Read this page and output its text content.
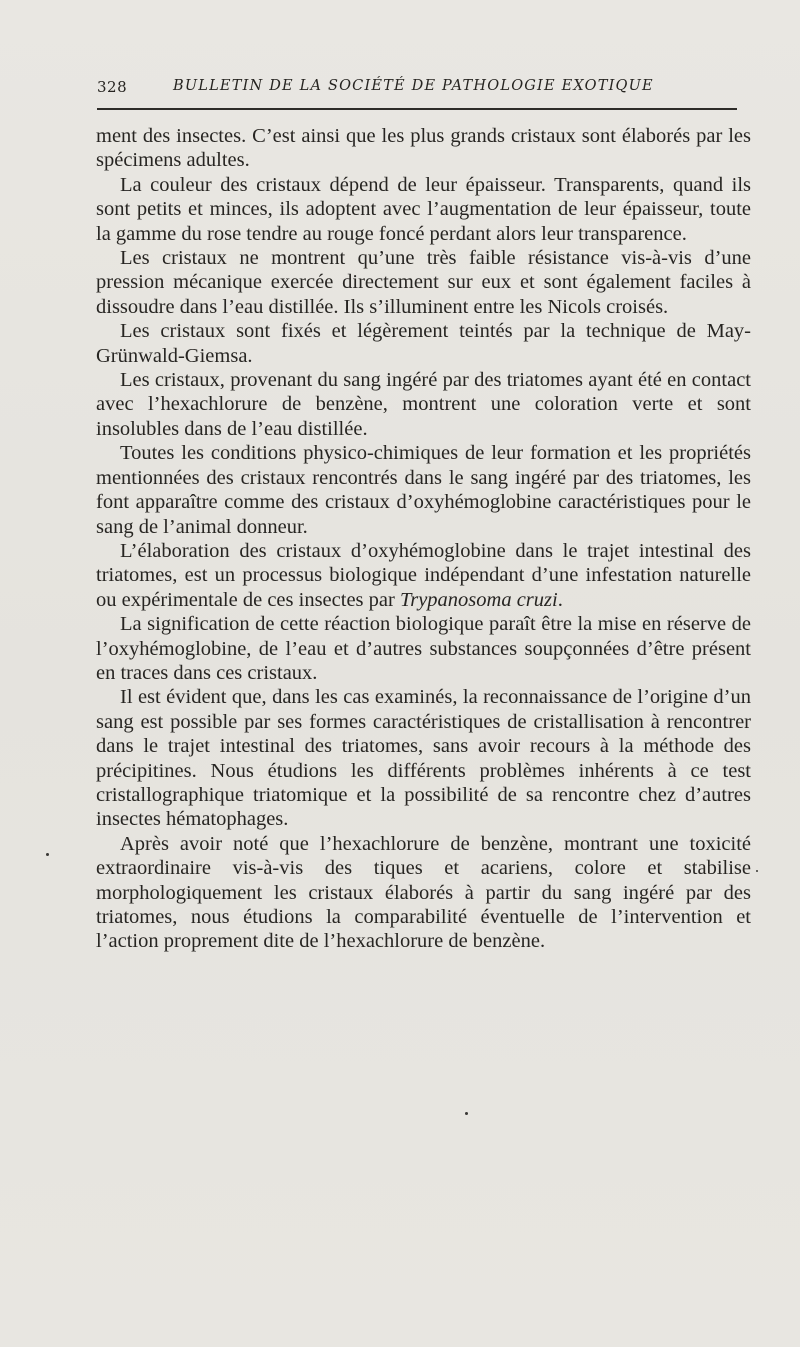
328	BULLETIN DE LA SOCIÉTÉ DE PATHOLOGIE EXOTIQUE

ment des insectes. C’est ainsi que les plus grands cristaux sont élaborés par les spécimens adultes.

La couleur des cristaux dépend de leur épaisseur. Transparents, quand ils sont petits et minces, ils adoptent avec l’augmentation de leur épaisseur, toute la gamme du rose tendre au rouge foncé perdant alors leur transparence.

Les cristaux ne montrent qu’une très faible résistance vis-à-vis d’une pression mécanique exercée directement sur eux et sont également faciles à dissoudre dans l’eau distillée. Ils s’illuminent entre les Nicols croisés.

Les cristaux sont fixés et légèrement teintés par la technique de May-Grünwald-Giemsa.

Les cristaux, provenant du sang ingéré par des triatomes ayant été en contact avec l’hexachlorure de benzène, montrent une coloration verte et sont insolubles dans de l’eau distillée.

Toutes les conditions physico-chimiques de leur formation et les propriétés mentionnées des cristaux rencontrés dans le sang ingéré par des triatomes, les font apparaître comme des cristaux d’oxyhémoglobine caractéristiques pour le sang de l’animal donneur.

L’élaboration des cristaux d’oxyhémoglobine dans le trajet intestinal des triatomes, est un processus biologique indépendant d’une infestation naturelle ou expérimentale de ces insectes par Trypanosoma cruzi.

La signification de cette réaction biologique paraît être la mise en réserve de l’oxyhémoglobine, de l’eau et d’autres substances soupçonnées d’être présent en traces dans ces cristaux.

Il est évident que, dans les cas examinés, la reconnaissance de l’origine d’un sang est possible par ses formes caractéristiques de cristallisation à rencontrer dans le trajet intestinal des triatomes, sans avoir recours à la méthode des précipitines. Nous étudions les différents problèmes inhérents à ce test cristallographique triatomique et la possibilité de sa rencontre chez d’autres insectes hématophages.

Après avoir noté que l’hexachlorure de benzène, montrant une toxicité extraordinaire vis-à-vis des tiques et acariens, colore et stabilise morphologiquement les cristaux élaborés à partir du sang ingéré par des triatomes, nous étudions la comparabilité éventuelle de l’intervention et l’action proprement dite de l’hexachlorure de benzène.
